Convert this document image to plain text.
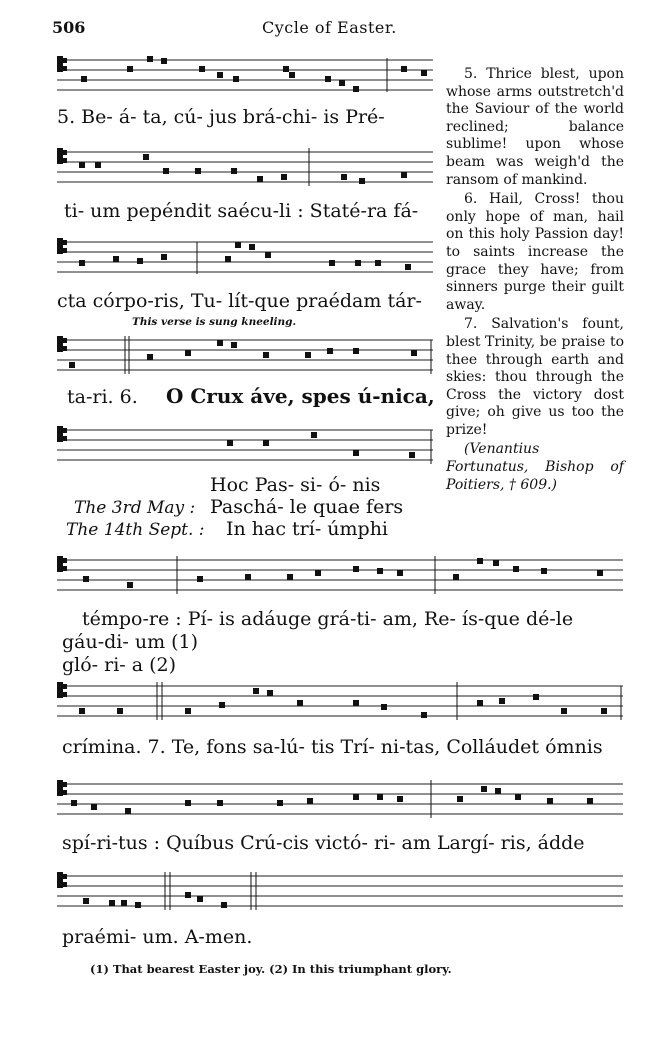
506	Cycle of Easter.
5. Be- á- ta, cú- jus brá-chi- is Pré-
ti- um pepéndit saécu-li : Staté-ra fá-
cta córpo-ris, Tu- lít-que praédam tár-
This verse is sung kneeling.
ta-ri. 6. O Crux áve, spes ú-nica,
Hoc Pas- si- ó- nis
The 3rd May : Paschá- le quae fers
The 14th Sept. : In hac trí- úmphi
témpo-re : Pí- is adáuge grá-ti- am, Re- ís-que dé-le
gáu-di- um (1)
gló- ri- a (2)
crímina. 7. Te, fons sa-lú- tis Trí- ni-tas, Colláudet ómnis
spí-ri-tus : Quíbus Crú-cis victó- ri- am Largí- ris, ádde
praémi- um. A-men.

5. Thrice blest, upon whose arms outstretch'd the Saviour of the world reclined; balance sublime! upon whose beam was weigh'd the ransom of mankind.

6. Hail, Cross! thou only hope of man, hail on this holy Passion day! to saints increase the grace they have; from sinners purge their guilt away.

7. Salvation's fount, blest Trinity, be praise to thee through earth and skies: thou through the Cross the victory dost give; oh give us too the prize!

(Venantius Fortunatus, Bishop of Poitiers, † 609.)

(1) That bearest Easter joy. (2) In this triumphant glory.
